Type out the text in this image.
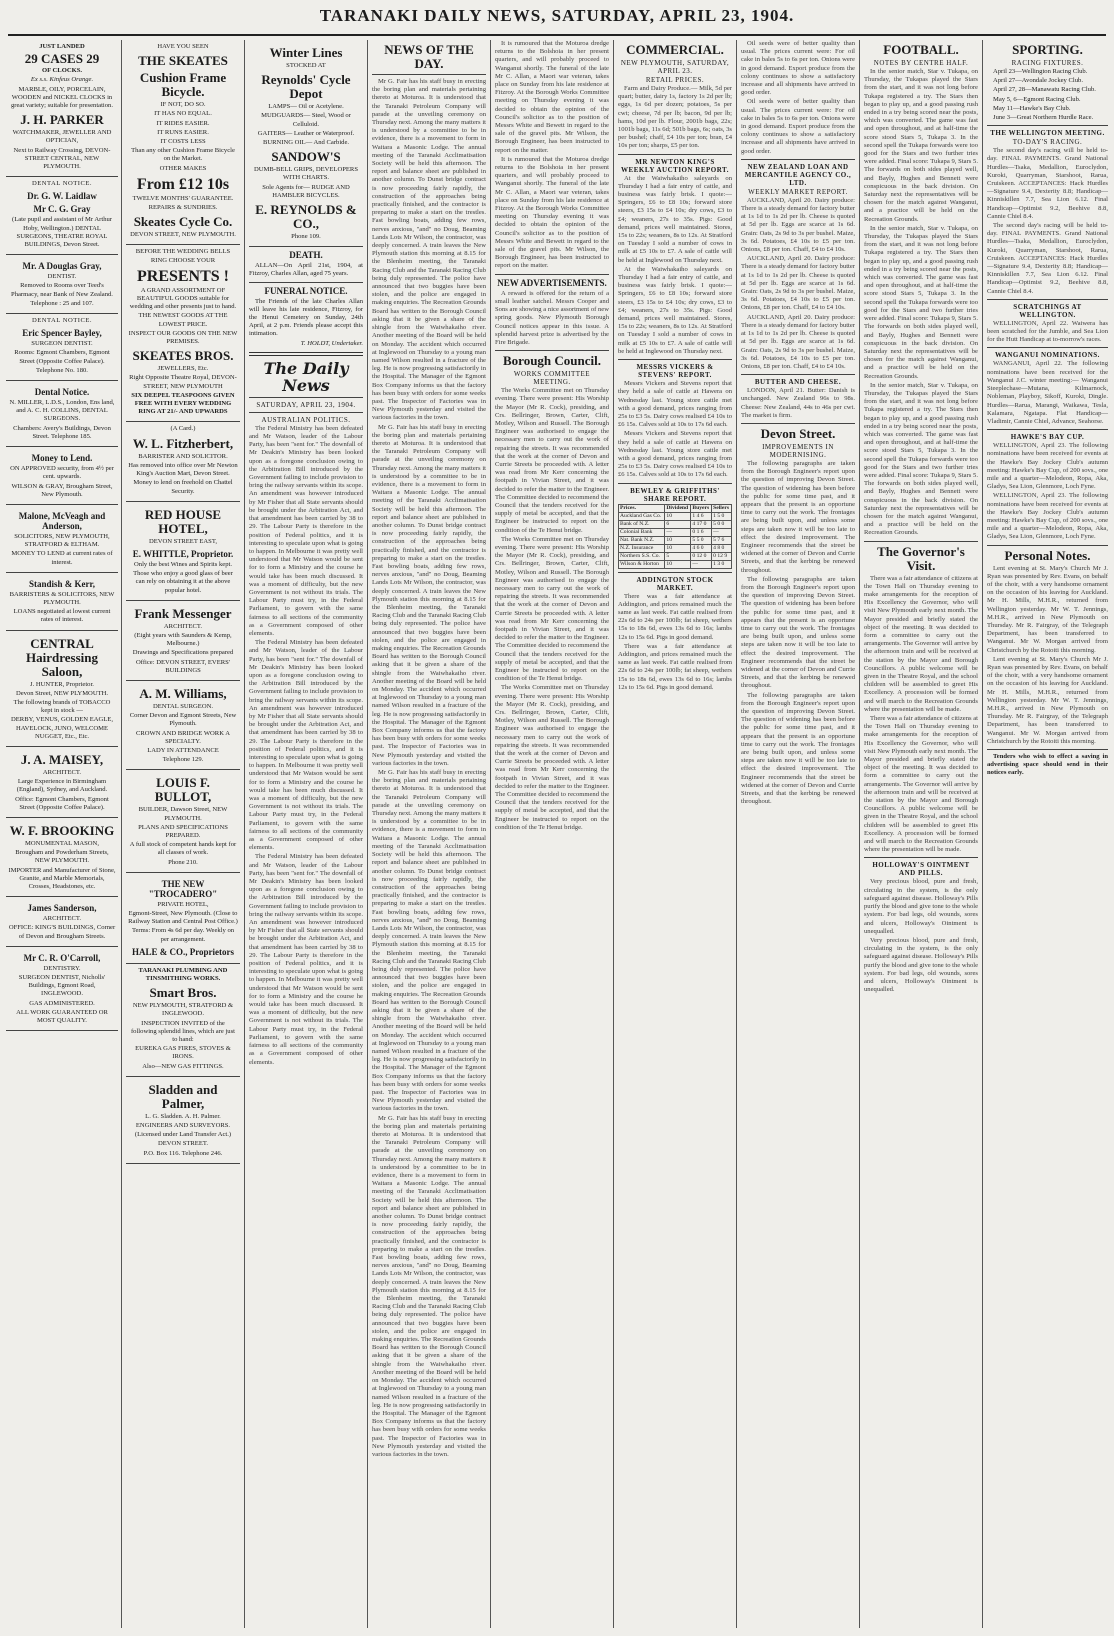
TARANAKI DAILY NEWS, SATURDAY, APRIL 23, 1904.

JUST LANDED

29 CASES 29

OF CLOCKS.

Ex s.s. Kinfeus Orange.

MARBLE, OILY, PORCELAIN, WOODEN and NICKEL CLOCKS in great variety; suitable for presentation.

J. H. PARKER

WATCHMAKER, JEWELLER AND OPTICIAN,

Next to Railway Crossing, DEVON-STREET CENTRAL, NEW PLYMOUTH.

DENTAL NOTICE.

Dr. G. W. Laidlaw
Mr C. G. Gray

(Late pupil and assistant of Mr Arthur Hoby, Wellington.) DENTAL SURGEONS, THEATRE ROYAL BUILDINGS, Devon Street.

Mr. A Douglas Gray,

DENTIST.

Removed to Rooms over Teed's Pharmacy, near Bank of New Zealand.

Telephone : 25 and 107.

DENTAL NOTICE.

Eric Spencer Bayley,

SURGEON DENTIST.

Rooms: Egmont Chambers, Egmont Street (Opposite Coffee Palace).

Telephone No. 180.

Dental Notice.

N. MILLER, L.D.S., London, Ens land, and A. C. H. COLLINS, DENTAL SURGEONS.

Chambers: Avery's Buildings, Devon Street. Telephone 185.

Money to Lend.

ON APPROVED security, from 4½ per cent. upwards.

WILSON & GRAY, Brougham Street, New Plymouth.

Malone, McVeagh and Anderson,

SOLICITORS, NEW PLYMOUTH, STRATFORD & ELTHAM.

MONEY TO LEND at current rates of interest.

Standish & Kerr,

BARRISTERS & SOLICITORS, NEW PLYMOUTH.

LOANS negotiated at lowest current rates of interest.

CENTRAL Hairdressing Saloon,

J. HUNTER, Proprietor.

Devon Street, NEW PLYMOUTH.

The following brands of TOBACCO kept in stock —

DERBY, VENUS, GOLDEN EAGLE, HAVELOCK, JUNO, WELCOME NUGGET, Etc., Etc.

J. A. MAISEY,

ARCHITECT.

Large Experience in Birmingham (England), Sydney, and Auckland.

Office: Egmont Chambers, Egmont Street (Opposite Coffee Palace).

W. F. BROOKING

MONUMENTAL MASON,

Brougham and Powderham Streets, NEW PLYMOUTH.

IMPORTER and Manufacturer of Stone, Granite, and Marble Memorials, Crosses, Headstones, etc.

James Sanderson,

ARCHITECT.

OFFICE: KING'S BUILDINGS, Corner of Devon and Brougham Streets.

Mr C. R. O'Carroll,

DENTISTRY.

SURGEON DENTIST, Nicholls' Buildings, Egmont Road, INGLEWOOD.

GAS ADMINISTERED.

ALL WORK GUARANTEED OR MOST QUALITY.

HAVE YOU SEEN

THE SKEATES
Cushion Frame Bicycle.

IF NOT, DO SO.

IT HAS NO EQUAL.

IT RIDES EASIER.

IT RUNS EASIER.

IT COSTS LESS

Than any other Cushion Frame Bicycle on the Market.

OTHER MAKES

From £12 10s

TWELVE MONTHS' GUARANTEE.

REPAIRS & SUNDRIES.

Skeates Cycle Co.

DEVON STREET, NEW PLYMOUTH.

BEFORE THE WEDDING BELLS RING CHOOSE YOUR

PRESENTS !

A GRAND ASSORTMENT OF BEAUTIFUL GOODS suitable for wedding and other presents just to hand.

THE NEWEST GOODS AT THE LOWEST PRICE.

INSPECT OUR GOODS ON THE NEW PREMISES.

SKEATES BROS.

JEWELLERS, Etc.

Right Opposite Theatre Royal, DEVON-STREET, NEW PLYMOUTH

SIX DEEPEL TEASPOONS GIVEN FREE WITH EVERY WEDDING RING AT 21/- AND UPWARDS

(A Card.)

W. L. Fitzherbert,

BARRISTER AND SOLICITOR.

Has removed into office over Mr Newton King's Auction Mart, Devon Street.

Money to lend on freehold on Chattel Security.

RED HOUSE HOTEL,

DEVON STREET EAST,

E. WHITTLE, Proprietor.

Only the best Wines and Spirits kept.

Those who enjoy a good glass of beer can rely on obtaining it at the above popular hotel.

Frank Messenger

ARCHITECT.

(Eight years with Saunders & Kemp, Melbourne.)

Drawings and Specifications prepared

Office: DEVON STREET, EVERS' BUILDINGS

A. M. Williams,

DENTAL SURGEON.

Corner Devon and Egmont Streets, New Plymouth.

CROWN AND BRIDGE WORK A SPECIALTY.

LADY IN ATTENDANCE

Telephone 129.

LOUIS F. BULLOT,

BUILDER, Dawson Street, NEW PLYMOUTH.

PLANS AND SPECIFICATIONS PREPARED.

A full stock of competent hands kept for all classes of work.

Phone 210.

THE NEW "TROCADERO"

PRIVATE HOTEL,

Egmont-Street, New Plymouth. (Close to Railway Station and Central Post Office.)

Terms: From 4s 6d per day. Weekly on per arrangement.

HALE & CO., Proprietors

TARANAKI PLUMBING AND TINSMITHING WORKS.

Smart Bros.

NEW PLYMOUTH, STRATFORD & INGLEWOOD.

INSPECTION INVITED of the following splendid lines, which are just to hand:

EUREKA GAS FIRES, STOVES & IRONS.

Also—NEW GAS FITTINGS.

Sladden and Palmer,

L. G. Sladden. A. H. Palmer.

ENGINEERS AND SURVEYORS.

(Licensed under Land Transfer Act.)

DEVON STREET.

P.O. Box 116. Telephone 246.

Winter Lines

STOCKED AT

Reynolds' Cycle Depot

LAMPS— Oil or Acetylene.

MUDGUARDS— Steel, Wood or Celluloid.

GAITERS— Leather or Waterproof.

BURNING OIL— And Carbide.

SANDOW'S

DUMB-BELL GRIPS, DEVELOPERS WITH CHARTS.

Sole Agents for— RUDGE AND HAMBLER BICYCLES.

E. REYNOLDS & CO.,

Phone 109.

DEATH.

ALLAN—On April 21st, 1904, at Fitzroy, Charles Allan, aged 75 years.

FUNERAL NOTICE.

The Friends of the late Charles Allan will leave his late residence, Fitzroy, for the Henui Cemetery on Sunday, 24th April, at 2 p.m. Friends please accept this intimation.

T. HOLDT, Undertaker.

The Daily News
SATURDAY, APRIL 23, 1904.
AUSTRALIAN POLITICS.

The Federal Ministry has been defeated and Mr Watson, leader of the Labour Party, has been "sent for." The downfall of Mr Deakin's Ministry has been looked upon as a foregone conclusion owing to the Arbitration Bill introduced by the Government failing to include provision to bring the railway servants within its scope. An amendment was however introduced by Mr Fisher that all State servants should be brought under the Arbitration Act, and that amendment has been carried by 38 to 29. The Labour Party is therefore in the position of Federal politics, and it is interesting to speculate upon what is going to happen. In Melbourne it was pretty well understood that Mr Watson would be sent for to form a Ministry and the course he would take has been much discussed. It was a moment of difficulty, but the new Government is not without its trials. The Labour Party must try, in the Federal Parliament, to govern with the same fairness to all sections of the community as a Government composed of other elements.

The Federal Ministry has been defeated and Mr Watson, leader of the Labour Party, has been "sent for." The downfall of Mr Deakin's Ministry has been looked upon as a foregone conclusion owing to the Arbitration Bill introduced by the Government failing to include provision to bring the railway servants within its scope. An amendment was however introduced by Mr Fisher that all State servants should be brought under the Arbitration Act, and that amendment has been carried by 38 to 29. The Labour Party is therefore in the position of Federal politics, and it is interesting to speculate upon what is going to happen. In Melbourne it was pretty well understood that Mr Watson would be sent for to form a Ministry and the course he would take has been much discussed. It was a moment of difficulty, but the new Government is not without its trials. The Labour Party must try, in the Federal Parliament, to govern with the same fairness to all sections of the community as a Government composed of other elements.

The Federal Ministry has been defeated and Mr Watson, leader of the Labour Party, has been "sent for." The downfall of Mr Deakin's Ministry has been looked upon as a foregone conclusion owing to the Arbitration Bill introduced by the Government failing to include provision to bring the railway servants within its scope. An amendment was however introduced by Mr Fisher that all State servants should be brought under the Arbitration Act, and that amendment has been carried by 38 to 29. The Labour Party is therefore in the position of Federal politics, and it is interesting to speculate upon what is going to happen. In Melbourne it was pretty well understood that Mr Watson would be sent for to form a Ministry and the course he would take has been much discussed. It was a moment of difficulty, but the new Government is not without its trials. The Labour Party must try, in the Federal Parliament, to govern with the same fairness to all sections of the community as a Government composed of other elements.

NEWS OF THE DAY.

Mr G. Fair has his staff busy in erecting the boring plan and materials pertaining thereto at Moturoa. It is understood that the Taranaki Petroleum Company will parade at the unveiling ceremony on Thursday next. Among the many matters it is understood by a committee to be in evidence, there is a movement to form in Waitara a Masonic Lodge. The annual meeting of the Taranaki Acclimatisation Society will be held this afternoon. The report and balance sheet are published in another column. To Dunst bridge contract is now proceeding fairly rapidly, the construction of the approaches being practically finished, and the contractor is preparing to make a start on the trestles. Fast bowling boats, adding few rows, nerves anxious, "and" no Doug, Beaming Lands Lots Mr Wilson, the contractor, was deeply concerned. A train leaves the New Plymouth station this morning at 8.15 for the Blenheim meeting, the Taranaki Racing Club and the Taranaki Racing Club being duly represented. The police have announced that two buggies have been stolen, and the police are engaged in making enquiries. The Recreation Grounds Board has written to the Borough Council asking that it be given a share of the shingle from the Waiwhakaiho river. Another meeting of the Board will be held on Monday. The accident which occurred at Inglewood on Thursday to a young man named Wilson resulted in a fracture of the leg. He is now progressing satisfactorily in the Hospital. The Manager of the Egmont Box Company informs us that the factory has been busy with orders for some weeks past. The Inspector of Factories was in New Plymouth yesterday and visited the various factories in the town.

Mr G. Fair has his staff busy in erecting the boring plan and materials pertaining thereto at Moturoa. It is understood that the Taranaki Petroleum Company will parade at the unveiling ceremony on Thursday next. Among the many matters it is understood by a committee to be in evidence, there is a movement to form in Waitara a Masonic Lodge. The annual meeting of the Taranaki Acclimatisation Society will be held this afternoon. The report and balance sheet are published in another column. To Dunst bridge contract is now proceeding fairly rapidly, the construction of the approaches being practically finished, and the contractor is preparing to make a start on the trestles. Fast bowling boats, adding few rows, nerves anxious, "and" no Doug, Beaming Lands Lots Mr Wilson, the contractor, was deeply concerned. A train leaves the New Plymouth station this morning at 8.15 for the Blenheim meeting, the Taranaki Racing Club and the Taranaki Racing Club being duly represented. The police have announced that two buggies have been stolen, and the police are engaged in making enquiries. The Recreation Grounds Board has written to the Borough Council asking that it be given a share of the shingle from the Waiwhakaiho river. Another meeting of the Board will be held on Monday. The accident which occurred at Inglewood on Thursday to a young man named Wilson resulted in a fracture of the leg. He is now progressing satisfactorily in the Hospital. The Manager of the Egmont Box Company informs us that the factory has been busy with orders for some weeks past. The Inspector of Factories was in New Plymouth yesterday and visited the various factories in the town.

Mr G. Fair has his staff busy in erecting the boring plan and materials pertaining thereto at Moturoa. It is understood that the Taranaki Petroleum Company will parade at the unveiling ceremony on Thursday next. Among the many matters it is understood by a committee to be in evidence, there is a movement to form in Waitara a Masonic Lodge. The annual meeting of the Taranaki Acclimatisation Society will be held this afternoon. The report and balance sheet are published in another column. To Dunst bridge contract is now proceeding fairly rapidly, the construction of the approaches being practically finished, and the contractor is preparing to make a start on the trestles. Fast bowling boats, adding few rows, nerves anxious, "and" no Doug, Beaming Lands Lots Mr Wilson, the contractor, was deeply concerned. A train leaves the New Plymouth station this morning at 8.15 for the Blenheim meeting, the Taranaki Racing Club and the Taranaki Racing Club being duly represented. The police have announced that two buggies have been stolen, and the police are engaged in making enquiries. The Recreation Grounds Board has written to the Borough Council asking that it be given a share of the shingle from the Waiwhakaiho river. Another meeting of the Board will be held on Monday. The accident which occurred at Inglewood on Thursday to a young man named Wilson resulted in a fracture of the leg. He is now progressing satisfactorily in the Hospital. The Manager of the Egmont Box Company informs us that the factory has been busy with orders for some weeks past. The Inspector of Factories was in New Plymouth yesterday and visited the various factories in the town.

Mr G. Fair has his staff busy in erecting the boring plan and materials pertaining thereto at Moturoa. It is understood that the Taranaki Petroleum Company will parade at the unveiling ceremony on Thursday next. Among the many matters it is understood by a committee to be in evidence, there is a movement to form in Waitara a Masonic Lodge. The annual meeting of the Taranaki Acclimatisation Society will be held this afternoon. The report and balance sheet are published in another column. To Dunst bridge contract is now proceeding fairly rapidly, the construction of the approaches being practically finished, and the contractor is preparing to make a start on the trestles. Fast bowling boats, adding few rows, nerves anxious, "and" no Doug, Beaming Lands Lots Mr Wilson, the contractor, was deeply concerned. A train leaves the New Plymouth station this morning at 8.15 for the Blenheim meeting, the Taranaki Racing Club and the Taranaki Racing Club being duly represented. The police have announced that two buggies have been stolen, and the police are engaged in making enquiries. The Recreation Grounds Board has written to the Borough Council asking that it be given a share of the shingle from the Waiwhakaiho river. Another meeting of the Board will be held on Monday. The accident which occurred at Inglewood on Thursday to a young man named Wilson resulted in a fracture of the leg. He is now progressing satisfactorily in the Hospital. The Manager of the Egmont Box Company informs us that the factory has been busy with orders for some weeks past. The Inspector of Factories was in New Plymouth yesterday and visited the various factories in the town.

It is rumoured that the Moturoa dredge returns to the Bolshoia in her present quarters, and will probably proceed to Wanganui shortly. The funeral of the late Mr C. Allan, a Maori war veteran, takes place on Sunday from his late residence at Fitzroy. At the Borough Works Committee meeting on Thursday evening it was decided to obtain the opinion of the Council's solicitor as to the position of Messrs White and Bewett in regard to the sale of the gravel pits. Mr Wilson, the Borough Engineer, has been instructed to report on the matter.

It is rumoured that the Moturoa dredge returns to the Bolshoia in her present quarters, and will probably proceed to Wanganui shortly. The funeral of the late Mr C. Allan, a Maori war veteran, takes place on Sunday from his late residence at Fitzroy. At the Borough Works Committee meeting on Thursday evening it was decided to obtain the opinion of the Council's solicitor as to the position of Messrs White and Bewett in regard to the sale of the gravel pits. Mr Wilson, the Borough Engineer, has been instructed to report on the matter.

NEW ADVERTISEMENTS.

A reward is offered for the return of a small leather satchel. Messrs Cooper and Sons are showing a nice assortment of new spring goods. New Plymouth Borough Council notices appear in this issue. A splendid harvest prize is advertised by the Fire Brigade.

Borough Council.
WORKS COMMITTEE MEETING.

The Works Committee met on Thursday evening. There were present: His Worship the Mayor (Mr R. Cock), presiding, and Crs. Bellringer, Brown, Carter, Clift, Motley, Wilson and Russell. The Borough Engineer was authorised to engage the necessary men to carry out the work of repairing the streets. It was recommended that the work at the corner of Devon and Currie Streets be proceeded with. A letter was read from Mr Kerr concerning the footpath in Vivian Street, and it was decided to refer the matter to the Engineer. The Committee decided to recommend the Council that the tenders received for the supply of metal be accepted, and that the Engineer be instructed to report on the condition of the Te Henui bridge.

The Works Committee met on Thursday evening. There were present: His Worship the Mayor (Mr R. Cock), presiding, and Crs. Bellringer, Brown, Carter, Clift, Motley, Wilson and Russell. The Borough Engineer was authorised to engage the necessary men to carry out the work of repairing the streets. It was recommended that the work at the corner of Devon and Currie Streets be proceeded with. A letter was read from Mr Kerr concerning the footpath in Vivian Street, and it was decided to refer the matter to the Engineer. The Committee decided to recommend the Council that the tenders received for the supply of metal be accepted, and that the Engineer be instructed to report on the condition of the Te Henui bridge.

The Works Committee met on Thursday evening. There were present: His Worship the Mayor (Mr R. Cock), presiding, and Crs. Bellringer, Brown, Carter, Clift, Motley, Wilson and Russell. The Borough Engineer was authorised to engage the necessary men to carry out the work of repairing the streets. It was recommended that the work at the corner of Devon and Currie Streets be proceeded with. A letter was read from Mr Kerr concerning the footpath in Vivian Street, and it was decided to refer the matter to the Engineer. The Committee decided to recommend the Council that the tenders received for the supply of metal be accepted, and that the Engineer be instructed to report on the condition of the Te Henui bridge.

COMMERCIAL.
NEW PLYMOUTH, SATURDAY, APRIL 23.
RETAIL PRICES.

Farm and Dairy Produce.— Milk, 5d per quart; butter, dairy 1s, factory 1s 2d per lb; eggs, 1s 6d per dozen; potatoes, 5s per cwt; cheese, 7d per lb; bacon, 9d per lb; hams, 10d per lb. Flour, 2001b bags, 22s; 1001b bags, 11s 6d; 501b bags, 6s; oats, 3s per bushel; chaff, £4 10s per ton; bran, £4 10s per ton; sharps, £5 per ton.

MR NEWTON KING'S WEEKLY AUCTION REPORT.

At the Waiwhakaiho saleyards on Thursday I had a fair entry of cattle, and business was fairly brisk. I quote:—Springers, £6 to £8 10s; forward store steers, £3 15s to £4 10s; dry cows, £3 to £4; weaners, 27s to 35s. Pigs: Good demand, prices well maintained. Stores, 15s to 22s; weaners, 8s to 12s. At Stratford on Tuesday I sold a number of cows in milk at £5 10s to £7. A sale of cattle will be held at Inglewood on Thursday next.

At the Waiwhakaiho saleyards on Thursday I had a fair entry of cattle, and business was fairly brisk. I quote:—Springers, £6 to £8 10s; forward store steers, £3 15s to £4 10s; dry cows, £3 to £4; weaners, 27s to 35s. Pigs: Good demand, prices well maintained. Stores, 15s to 22s; weaners, 8s to 12s. At Stratford on Tuesday I sold a number of cows in milk at £5 10s to £7. A sale of cattle will be held at Inglewood on Thursday next.

MESSRS VICKERS & STEVENS' REPORT.

Messrs Vickers and Stevens report that they held a sale of cattle at Hawera on Wednesday last. Young store cattle met with a good demand, prices ranging from 25s to £3 5s. Dairy cows realised £4 10s to £6 15s. Calves sold at 10s to 17s 6d each.

Messrs Vickers and Stevens report that they held a sale of cattle at Hawera on Wednesday last. Young store cattle met with a good demand, prices ranging from 25s to £3 5s. Dairy cows realised £4 10s to £6 15s. Calves sold at 10s to 17s 6d each.

BEWLEY & GRIFFITHS' SHARE REPORT.
Prices.	Dividend	Buyers	Sellers
Auckland Gas Co.	10	1 4 6	1 5 0
Bank of N.Z.	6	4 17 0	5 0 0
Colonial Bank	—	0 1 6	—
Nat. Bank N.Z.	10	5 5 0	5 7 6
N.Z. Insurance	10	4 6 0	4 8 0
Northern S.S. Co.	5	0 12 0	0 12 9
Wilson & Horton	10	—	1 3 0
ADDINGTON STOCK MARKET.

There was a fair attendance at Addington, and prices remained much the same as last week. Fat cattle realised from 22s 6d to 24s per 100lb; fat sheep, wethers 15s to 18s 6d, ewes 13s 6d to 16s; lambs 12s to 15s 6d. Pigs in good demand.

There was a fair attendance at Addington, and prices remained much the same as last week. Fat cattle realised from 22s 6d to 24s per 100lb; fat sheep, wethers 15s to 18s 6d, ewes 13s 6d to 16s; lambs 12s to 15s 6d. Pigs in good demand.

Oil seeds were of better quality than usual. The prices current were: For oil cake in bales 5s to 6s per ton. Onions were in good demand. Export produce from the colony continues to show a satisfactory increase and all shipments have arrived in good order.

Oil seeds were of better quality than usual. The prices current were: For oil cake in bales 5s to 6s per ton. Onions were in good demand. Export produce from the colony continues to show a satisfactory increase and all shipments have arrived in good order.

NEW ZEALAND LOAN AND MERCANTILE AGENCY CO., LTD.
WEEKLY MARKET REPORT.

AUCKLAND, April 20. Dairy produce: There is a steady demand for factory butter at 1s 1d to 1s 2d per lb. Cheese is quoted at 5d per lb. Eggs are scarce at 1s 6d. Grain: Oats, 2s 9d to 3s per bushel. Maize, 3s 6d. Potatoes, £4 10s to £5 per ton. Onions, £8 per ton. Chaff, £4 to £4 10s.

AUCKLAND, April 20. Dairy produce: There is a steady demand for factory butter at 1s 1d to 1s 2d per lb. Cheese is quoted at 5d per lb. Eggs are scarce at 1s 6d. Grain: Oats, 2s 9d to 3s per bushel. Maize, 3s 6d. Potatoes, £4 10s to £5 per ton. Onions, £8 per ton. Chaff, £4 to £4 10s.

AUCKLAND, April 20. Dairy produce: There is a steady demand for factory butter at 1s 1d to 1s 2d per lb. Cheese is quoted at 5d per lb. Eggs are scarce at 1s 6d. Grain: Oats, 2s 9d to 3s per bushel. Maize, 3s 6d. Potatoes, £4 10s to £5 per ton. Onions, £8 per ton. Chaff, £4 to £4 10s.

BUTTER AND CHEESE.

LONDON, April 21. Butter: Danish is unchanged. New Zealand 96s to 98s. Cheese: New Zealand, 44s to 46s per cwt. The market is firm.

Devon Street.
IMPROVEMENTS IN MODERNISING.

The following paragraphs are taken from the Borough Engineer's report upon the question of improving Devon Street. The question of widening has been before the public for some time past, and it appears that the present is an opportune time to carry out the work. The frontages are being built upon, and unless some steps are taken now it will be too late to effect the desired improvement. The Engineer recommends that the street be widened at the corner of Devon and Currie Streets, and that the kerbing be renewed throughout.

The following paragraphs are taken from the Borough Engineer's report upon the question of improving Devon Street. The question of widening has been before the public for some time past, and it appears that the present is an opportune time to carry out the work. The frontages are being built upon, and unless some steps are taken now it will be too late to effect the desired improvement. The Engineer recommends that the street be widened at the corner of Devon and Currie Streets, and that the kerbing be renewed throughout.

The following paragraphs are taken from the Borough Engineer's report upon the question of improving Devon Street. The question of widening has been before the public for some time past, and it appears that the present is an opportune time to carry out the work. The frontages are being built upon, and unless some steps are taken now it will be too late to effect the desired improvement. The Engineer recommends that the street be widened at the corner of Devon and Currie Streets, and that the kerbing be renewed throughout.

FOOTBALL.
NOTES BY CENTRE HALF.

In the senior match, Star v. Tukapa, on Thursday, the Tukapas played the Stars from the start, and it was not long before Tukapa registered a try. The Stars then began to play up, and a good passing rush ended in a try being scored near the posts, which was converted. The game was fast and open throughout, and at half-time the score stood Stars 5, Tukapa 3. In the second spell the Tukapa forwards were too good for the Stars and two further tries were added. Final score: Tukapa 9, Stars 5. The forwards on both sides played well, and Bayly, Hughes and Bennett were conspicuous in the back division. On Saturday next the representatives will be chosen for the match against Wanganui, and a practice will be held on the Recreation Grounds.

In the senior match, Star v. Tukapa, on Thursday, the Tukapas played the Stars from the start, and it was not long before Tukapa registered a try. The Stars then began to play up, and a good passing rush ended in a try being scored near the posts, which was converted. The game was fast and open throughout, and at half-time the score stood Stars 5, Tukapa 3. In the second spell the Tukapa forwards were too good for the Stars and two further tries were added. Final score: Tukapa 9, Stars 5. The forwards on both sides played well, and Bayly, Hughes and Bennett were conspicuous in the back division. On Saturday next the representatives will be chosen for the match against Wanganui, and a practice will be held on the Recreation Grounds.

In the senior match, Star v. Tukapa, on Thursday, the Tukapas played the Stars from the start, and it was not long before Tukapa registered a try. The Stars then began to play up, and a good passing rush ended in a try being scored near the posts, which was converted. The game was fast and open throughout, and at half-time the score stood Stars 5, Tukapa 3. In the second spell the Tukapa forwards were too good for the Stars and two further tries were added. Final score: Tukapa 9, Stars 5. The forwards on both sides played well, and Bayly, Hughes and Bennett were conspicuous in the back division. On Saturday next the representatives will be chosen for the match against Wanganui, and a practice will be held on the Recreation Grounds.

The Governor's Visit.

There was a fair attendance of citizens at the Town Hall on Thursday evening to make arrangements for the reception of His Excellency the Governor, who will visit New Plymouth early next month. The Mayor presided and briefly stated the object of the meeting. It was decided to form a committee to carry out the arrangements. The Governor will arrive by the afternoon train and will be received at the station by the Mayor and Borough Councillors. A public welcome will be given in the Theatre Royal, and the school children will be assembled to greet His Excellency. A procession will be formed and will march to the Recreation Grounds where the presentation will be made.

There was a fair attendance of citizens at the Town Hall on Thursday evening to make arrangements for the reception of His Excellency the Governor, who will visit New Plymouth early next month. The Mayor presided and briefly stated the object of the meeting. It was decided to form a committee to carry out the arrangements. The Governor will arrive by the afternoon train and will be received at the station by the Mayor and Borough Councillors. A public welcome will be given in the Theatre Royal, and the school children will be assembled to greet His Excellency. A procession will be formed and will march to the Recreation Grounds where the presentation will be made.

HOLLOWAY'S OINTMENT AND PILLS.

Very precious blood, pure and fresh, circulating in the system, is the only safeguard against disease. Holloway's Pills purify the blood and give tone to the whole system. For bad legs, old wounds, sores and ulcers, Holloway's Ointment is unequalled.

Very precious blood, pure and fresh, circulating in the system, is the only safeguard against disease. Holloway's Pills purify the blood and give tone to the whole system. For bad legs, old wounds, sores and ulcers, Holloway's Ointment is unequalled.

SPORTING.
RACING FIXTURES.

April 23—Wellington Racing Club.

April 27—Avondale Jockey Club.

April 27, 28—Manawatu Racing Club.

May 5, 6—Egmont Racing Club.

May 11—Hawke's Bay Club.

June 3—Great Northern Hurdle Race.

THE WELLINGTON MEETING.
TO-DAY'S RACING.

The second day's racing will be held to-day. FINAL PAYMENTS. Grand National Hurdles—Tsaka, Medallion, Euroclydon, Kuroki, Quarryman, Starshoot, Rarua, Cruiskeen. ACCEPTANCES: Hack Hurdles—Signature 9.4, Dexterity 8.8; Handicap—Kinniskillen 7.7, Sea Lion 6.12. Final Handicap—Optimist 9.2, Beehive 8.8, Cannie Chiel 8.4.

The second day's racing will be held to-day. FINAL PAYMENTS. Grand National Hurdles—Tsaka, Medallion, Euroclydon, Kuroki, Quarryman, Starshoot, Rarua, Cruiskeen. ACCEPTANCES: Hack Hurdles—Signature 9.4, Dexterity 8.8; Handicap—Kinniskillen 7.7, Sea Lion 6.12. Final Handicap—Optimist 9.2, Beehive 8.8, Cannie Chiel 8.4.

SCRATCHINGS AT WELLINGTON.

WELLINGTON, April 22. Waiwera has been scratched for the Jumble, and Sea Lion for the Hutt Handicap at to-morrow's races.

WANGANUI NOMINATIONS.

WANGANUI, April 22. The following nominations have been received for the Wanganui J.C. winter meeting:— Wanganui Steeplechase—Mutana, Kilmarnock, Nobleman, Playboy, Sikoff, Kuroki, Dingle. Hurdles—Rarua, Marangi, Waikawa, Tesla, Kalamara, Ngatapa. Flat Handicap—Vladimir, Cannie Chiel, Advance, Seahorse.

HAWKE'S BAY CUP.

WELLINGTON, April 23. The following nominations have been received for events at the Hawke's Bay Jockey Club's autumn meeting: Hawke's Bay Cup, of 200 sovs., one mile and a quarter—Melodeon, Ropa, Aka, Gladys, Sea Lion, Glenmore, Loch Fyne.

WELLINGTON, April 23. The following nominations have been received for events at the Hawke's Bay Jockey Club's autumn meeting: Hawke's Bay Cup, of 200 sovs., one mile and a quarter—Melodeon, Ropa, Aka, Gladys, Sea Lion, Glenmore, Loch Fyne.

Personal Notes.

Lent evening at St. Mary's Church Mr J. Ryan was presented by Rev. Evans, on behalf of the choir, with a very handsome ornament on the occasion of his leaving for Auckland. Mr H. Mills, M.H.R., returned from Wellington yesterday. Mr W. T. Jennings, M.H.R., arrived in New Plymouth on Thursday. Mr R. Fairgray, of the Telegraph Department, has been transferred to Wanganui. Mr W. Morgan arrived from Christchurch by the Rotoiti this morning.

Lent evening at St. Mary's Church Mr J. Ryan was presented by Rev. Evans, on behalf of the choir, with a very handsome ornament on the occasion of his leaving for Auckland. Mr H. Mills, M.H.R., returned from Wellington yesterday. Mr W. T. Jennings, M.H.R., arrived in New Plymouth on Thursday. Mr R. Fairgray, of the Telegraph Department, has been transferred to Wanganui. Mr W. Morgan arrived from Christchurch by the Rotoiti this morning.

Tenders who wish to effect a saving in advertising space should send in their notices early.
